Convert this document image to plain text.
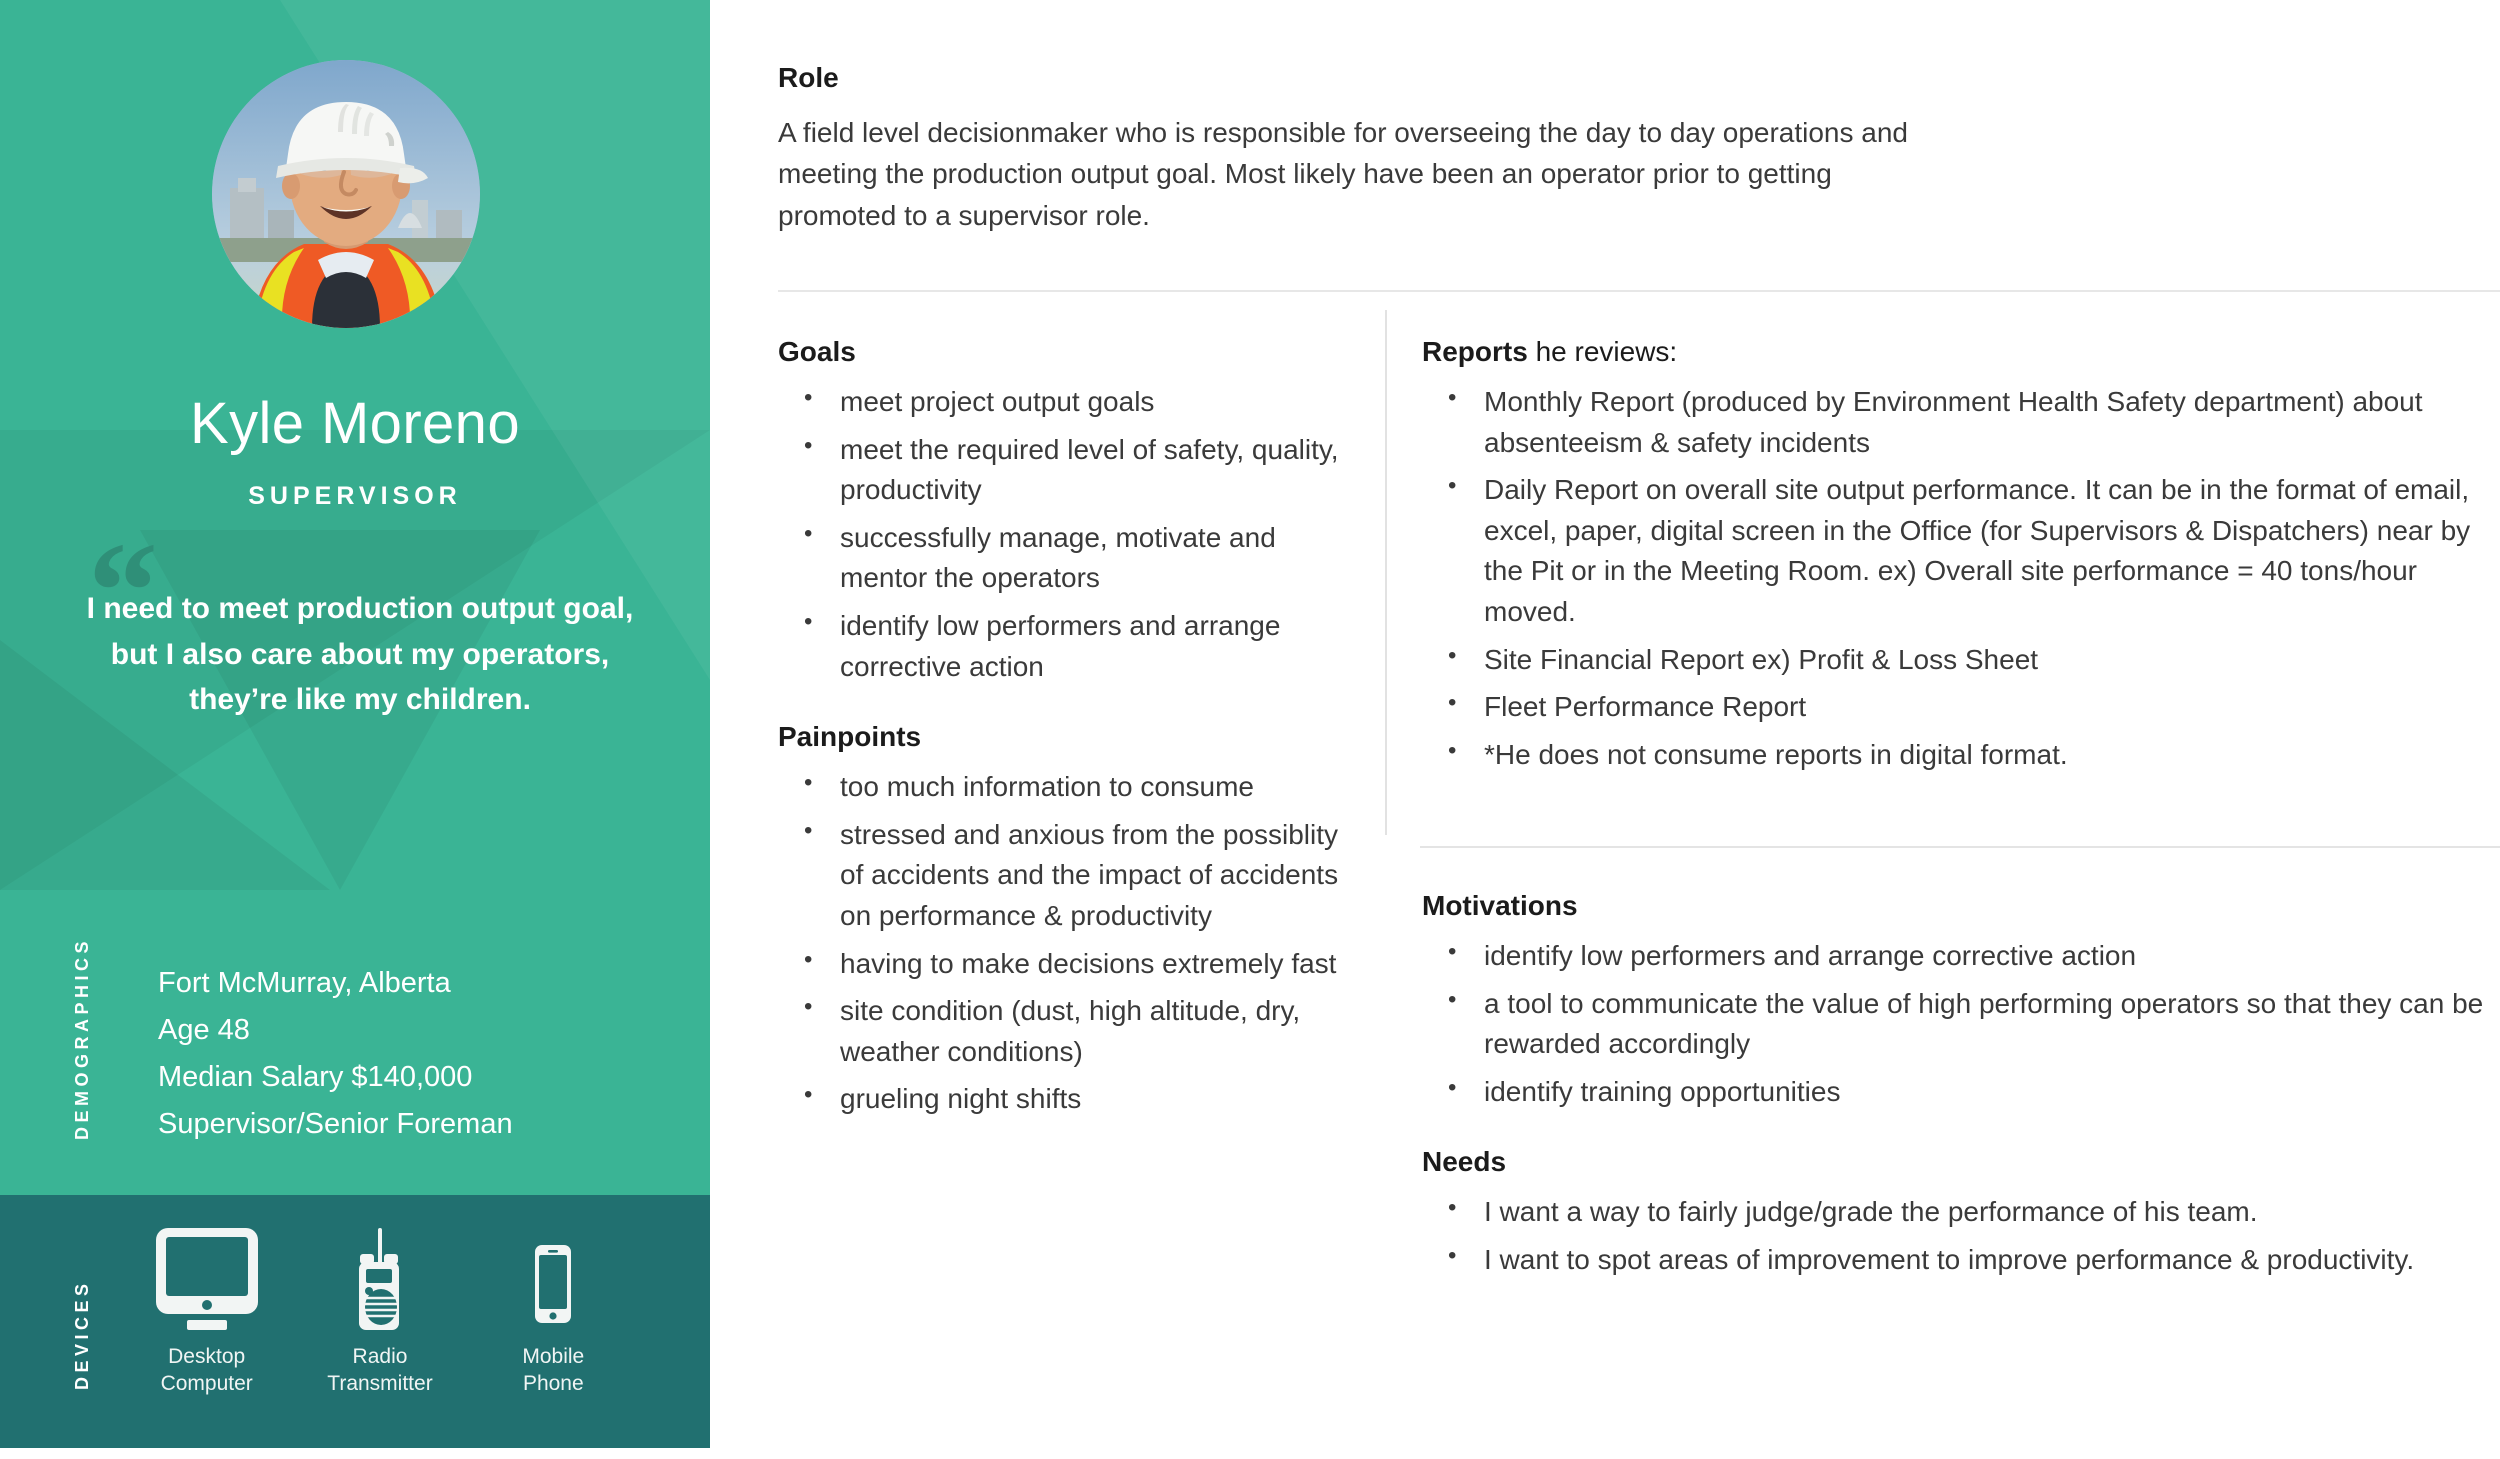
Kyle Moreno
SUPERVISOR
“
I need to meet production output goal, but I also care about my operators, they’re like my children.
DEMOGRAPHICS Fort McMurray, Alberta
Age 48
Median Salary $140,000
Supervisor/Senior Foreman
DEVICES	Desktop
Computer
Radio
Transmitter
Mobile
Phone
Role

A field level decisionmaker who is responsible for overseeing the day to day operations and meeting the production output goal. Most likely have been an operator prior to getting promoted to a supervisor role.

Goals
• meet project output goals
• meet the required level of safety, quality, productivity
• successfully manage, motivate and mentor the operators
• identify low performers and arrange corrective action
Painpoints
• too much information to consume
• stressed and anxious from the possiblity of accidents and the impact of accidents on performance & productivity
• having to make decisions extremely fast
• site condition (dust, high altitude, dry, weather conditions)
• grueling night shifts
Reports he reviews:
• Monthly Report (produced by Environment Health Safety department) about absenteeism & safety incidents
• Daily Report on overall site output performance. It can be in the format of email, excel, paper, digital screen in the Office (for Supervisors & Dispatchers) near by the Pit or in the Meeting Room. ex) Overall site performance = 40 tons/hour moved.
• Site Financial Report ex) Profit & Loss Sheet
• Fleet Performance Report
• *He does not consume reports in digital format.
Motivations
• identify low performers and arrange corrective action
• a tool to communicate the value of high performing operators so that they can be rewarded accordingly
• identify training opportunities
Needs
• I want a way to fairly judge/grade the performance of his team.
• I want to spot areas of improvement to improve performance & productivity.
